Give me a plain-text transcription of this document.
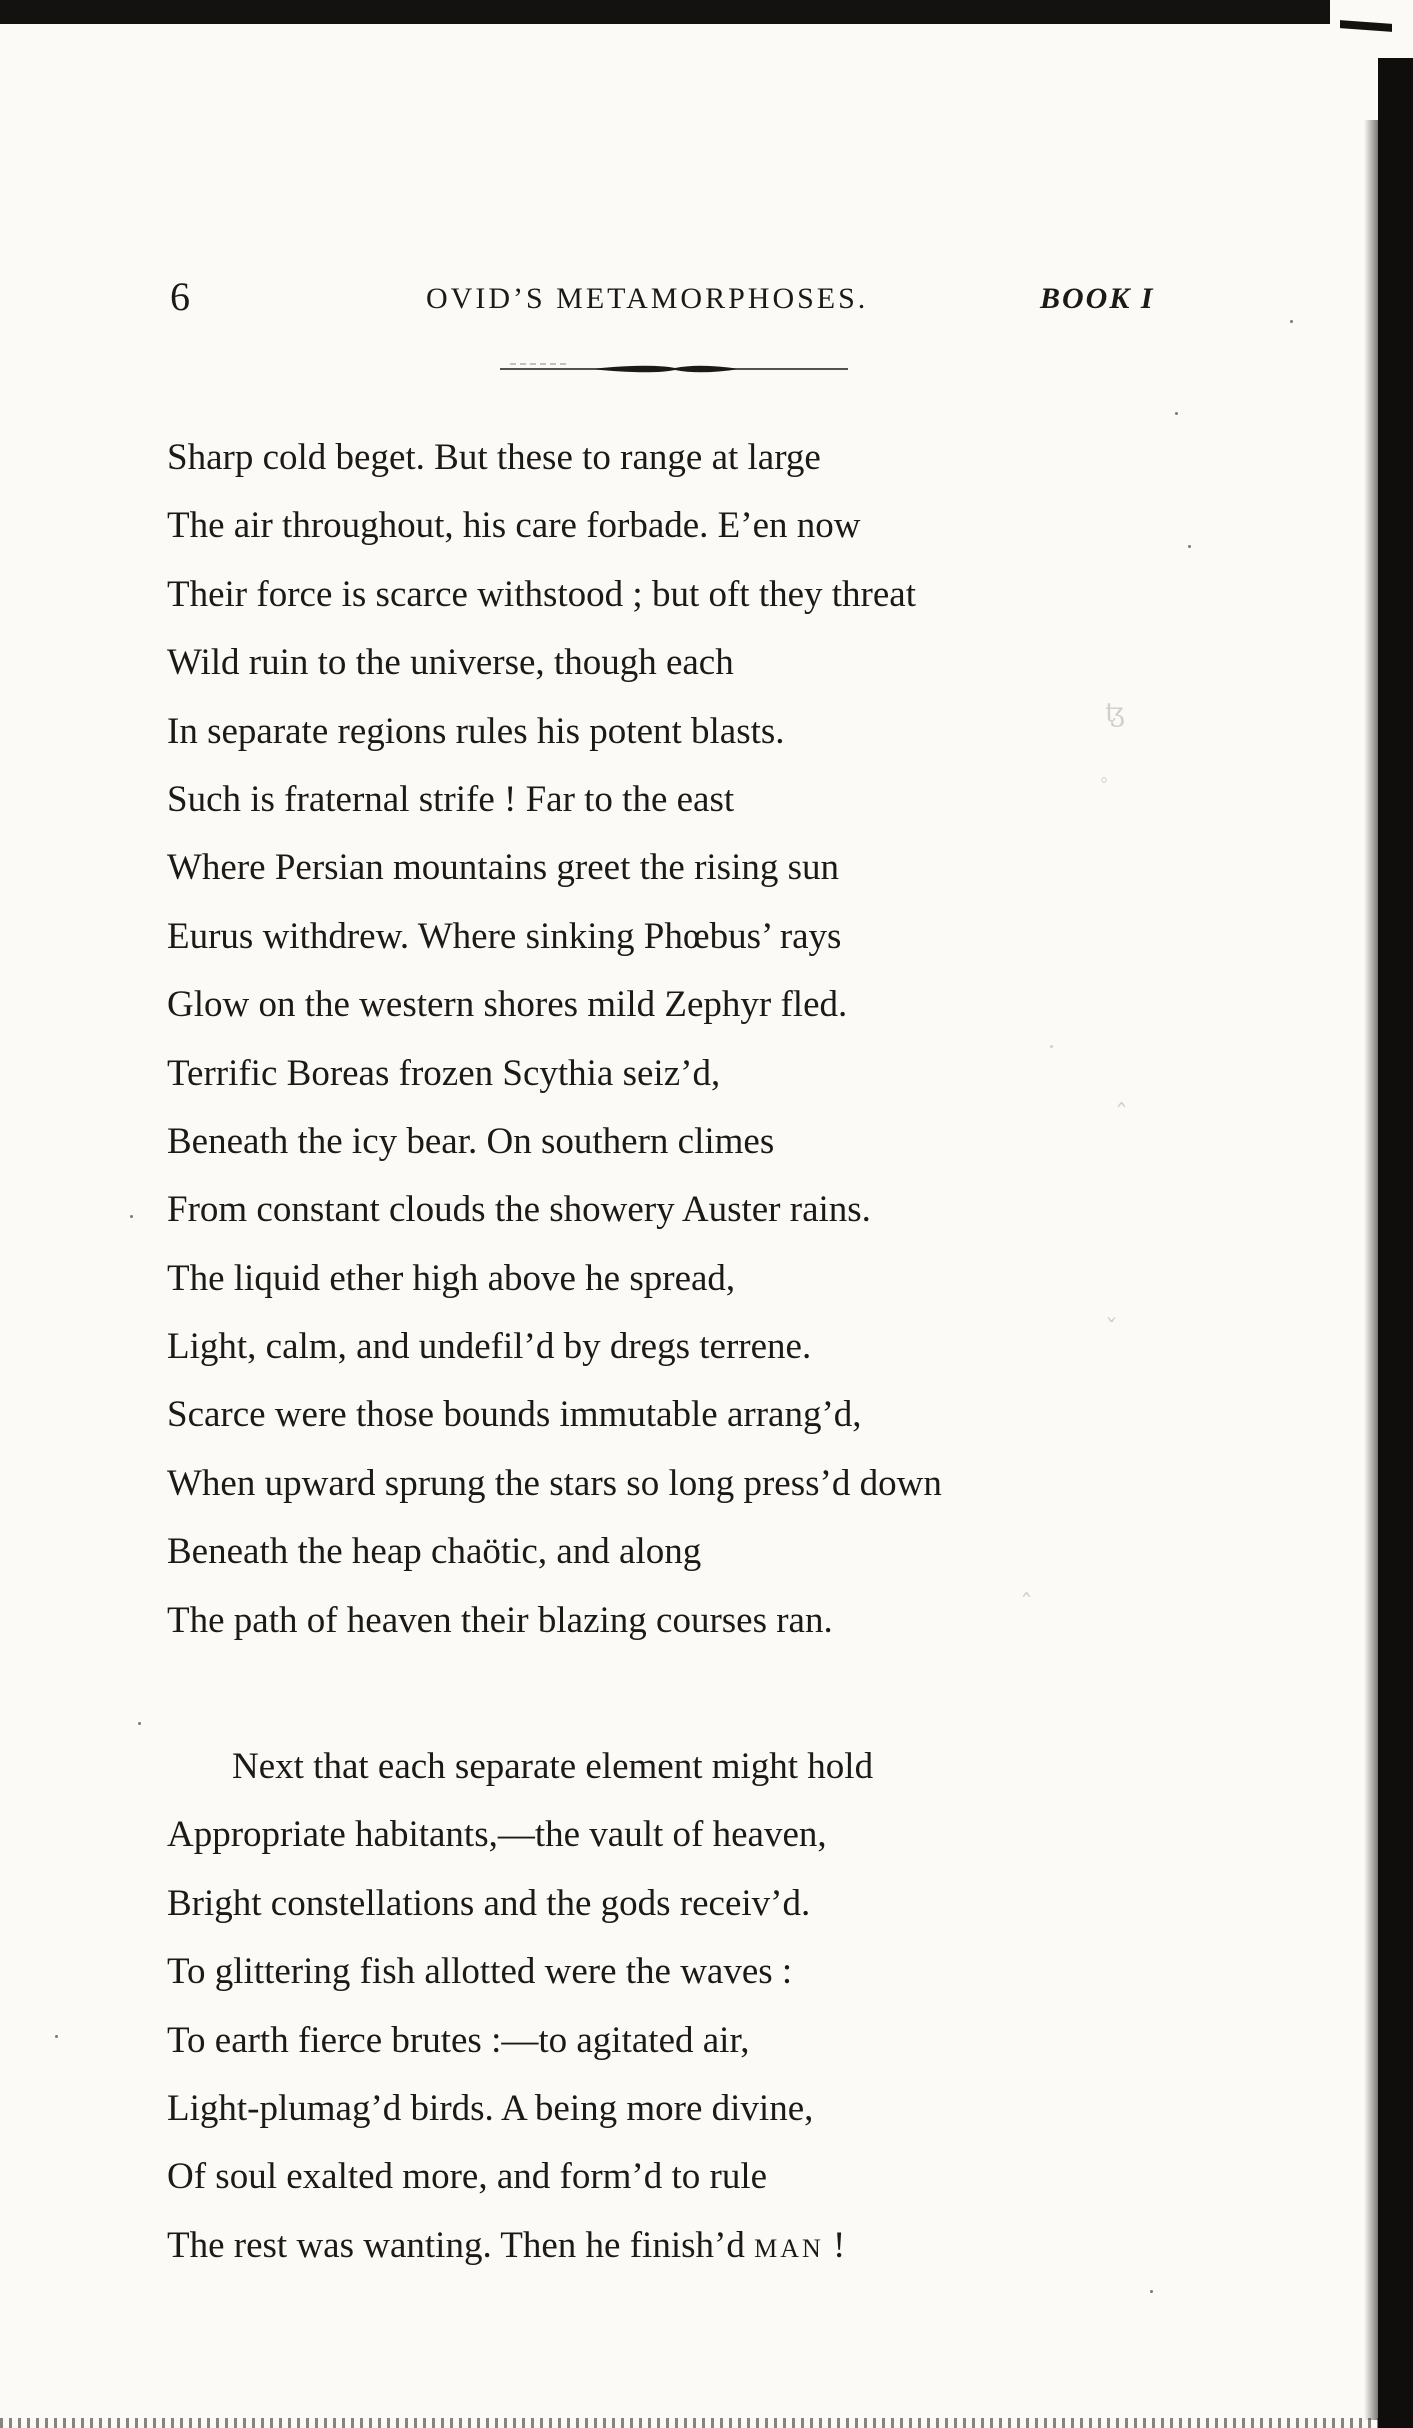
6	OVID’S METAMORPHOSES.	BOOK I
Sharp cold beget. But these to range at large
The air throughout, his care forbade. E’en now
Their force is scarce withstood ; but oft they threat
Wild ruin to the universe, though each
In separate regions rules his potent blasts.
Such is fraternal strife ! Far to the east
Where Persian mountains greet the rising sun
Eurus withdrew. Where sinking Phœbus’ rays
Glow on the western shores mild Zephyr fled.
Terrific Boreas frozen Scythia seiz’d,
Beneath the icy bear. On southern climes
From constant clouds the showery Auster rains.
The liquid ether high above he spread,
Light, calm, and undefil’d by dregs terrene.
Scarce were those bounds immutable arrang’d,
When upward sprung the stars so long press’d down
Beneath the heap chaötic, and along
The path of heaven their blazing courses ran.
Next that each separate element might hold
Appropriate habitants,—the vault of heaven,
Bright constellations and the gods receiv’d.
To glittering fish allotted were the waves :
To earth fierce brutes :—to agitated air,
Light-plumag’d birds. A being more divine,
Of soul exalted more, and form’d to rule
The rest was wanting. Then he finish’d MAN !
ꜩ
ﾟ
˙
ˆ
ˇ
ˆ
